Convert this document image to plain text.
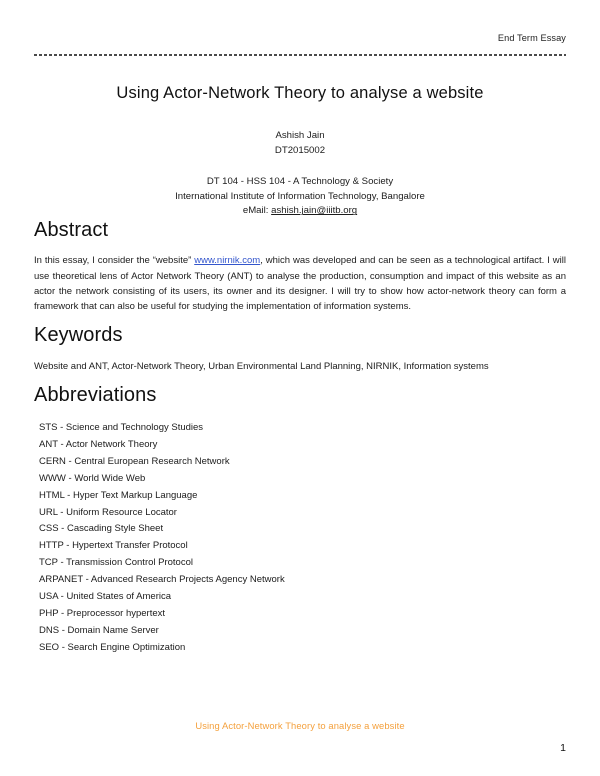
End Term Essay
Using Actor-Network Theory to analyse a website
Ashish Jain
DT2015002
DT 104 - HSS 104 - A Technology & Society
International Institute of Information Technology, Bangalore
eMail: ashish.jain@iiitb.org
Abstract

In this essay, I consider the “website” www.nirnik.com, which was developed and can be seen as a technological artifact. I will use theoretical lens of Actor Network Theory (ANT) to analyse the production, consumption and impact of this website as an actor the network consisting of its users, its owner and its designer. I will try to show how actor-network theory can form a framework that can also be useful for studying the implementation of information systems.

Keywords

Website and ANT, Actor-Network Theory, Urban Environmental Land Planning, NIRNIK, Information systems

Abbreviations
STS - Science and Technology Studies
ANT - Actor Network Theory
CERN - Central European Research Network
WWW - World Wide Web
HTML - Hyper Text Markup Language
URL - Uniform Resource Locator
CSS - Cascading Style Sheet
HTTP - Hypertext Transfer Protocol
TCP - Transmission Control Protocol
ARPANET - Advanced Research Projects Agency Network
USA - United States of America
PHP - Preprocessor hypertext
DNS - Domain Name Server
SEO - Search Engine Optimization
Using Actor-Network Theory to analyse a website
1
